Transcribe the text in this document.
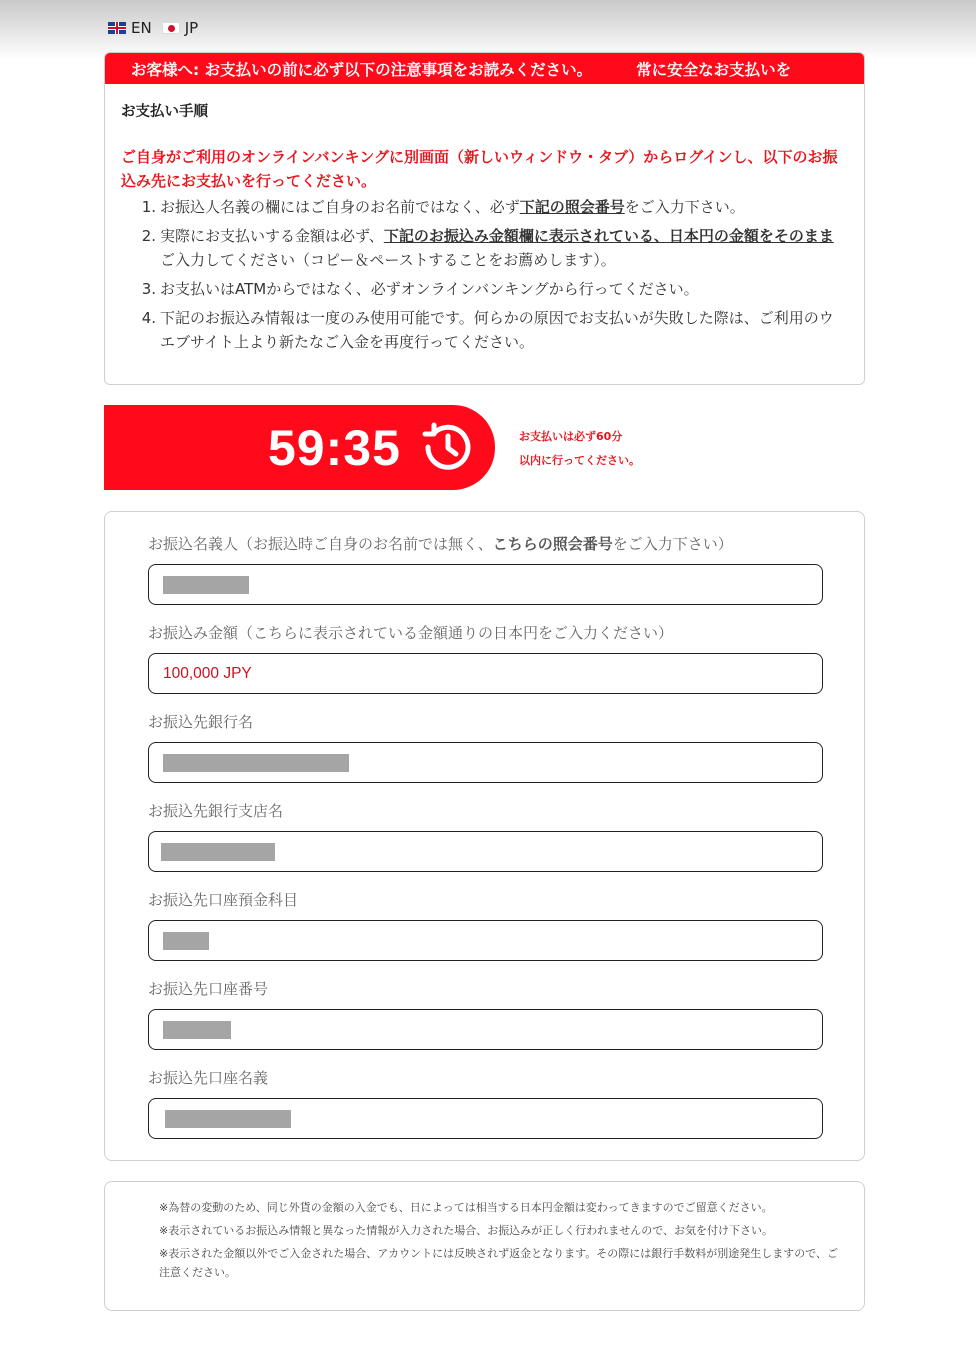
EN JP
お客様へ: お支払いの前に必ず以下の注意事項をお読みください。	常に安全なお支払いを
お支払い手順
ご自身がご利用のオンラインバンキングに別画面（新しいウィンドウ・タブ）からログインし、以下のお振込み先にお支払いを行ってください。
1. お振込人名義の欄にはご自身のお名前ではなく、必ず下記の照会番号をご入力下さい。
2. 実際にお支払いする金額は必ず、下記のお振込み金額欄に表示されている、日本円の金額をそのままご入力してください（コピー＆ペーストすることをお薦めします）。
3. お支払いはATMからではなく、必ずオンラインバンキングから行ってください。
4. 下記のお振込み情報は一度のみ使用可能です。何らかの原因でお支払いが失敗した際は、ご利用のウエブサイト上より新たなご入金を再度行ってください。
59:35	お支払いは必ず60分
以内に行ってください。
お振込名義人（お振込時ご自身のお名前では無く、こちらの照会番号をご入力下さい）
お振込み金額（こちらに表示されている金額通りの日本円をご入力ください）
100,000 JPY
お振込先銀行名
お振込先銀行支店名
お振込先口座預金科目
お振込先口座番号
お振込先口座名義

※為替の変動のため、同じ外貨の金額の入金でも、日によっては相当する日本円金額は変わってきますのでご留意ください。

※表示されているお振込み情報と異なった情報が入力された場合、お振込みが正しく行われませんので、お気を付け下さい。

※表示された金額以外でご入金された場合、アカウントには反映されず返金となります。その際には銀行手数料が別途発生しますので、ご注意ください。
